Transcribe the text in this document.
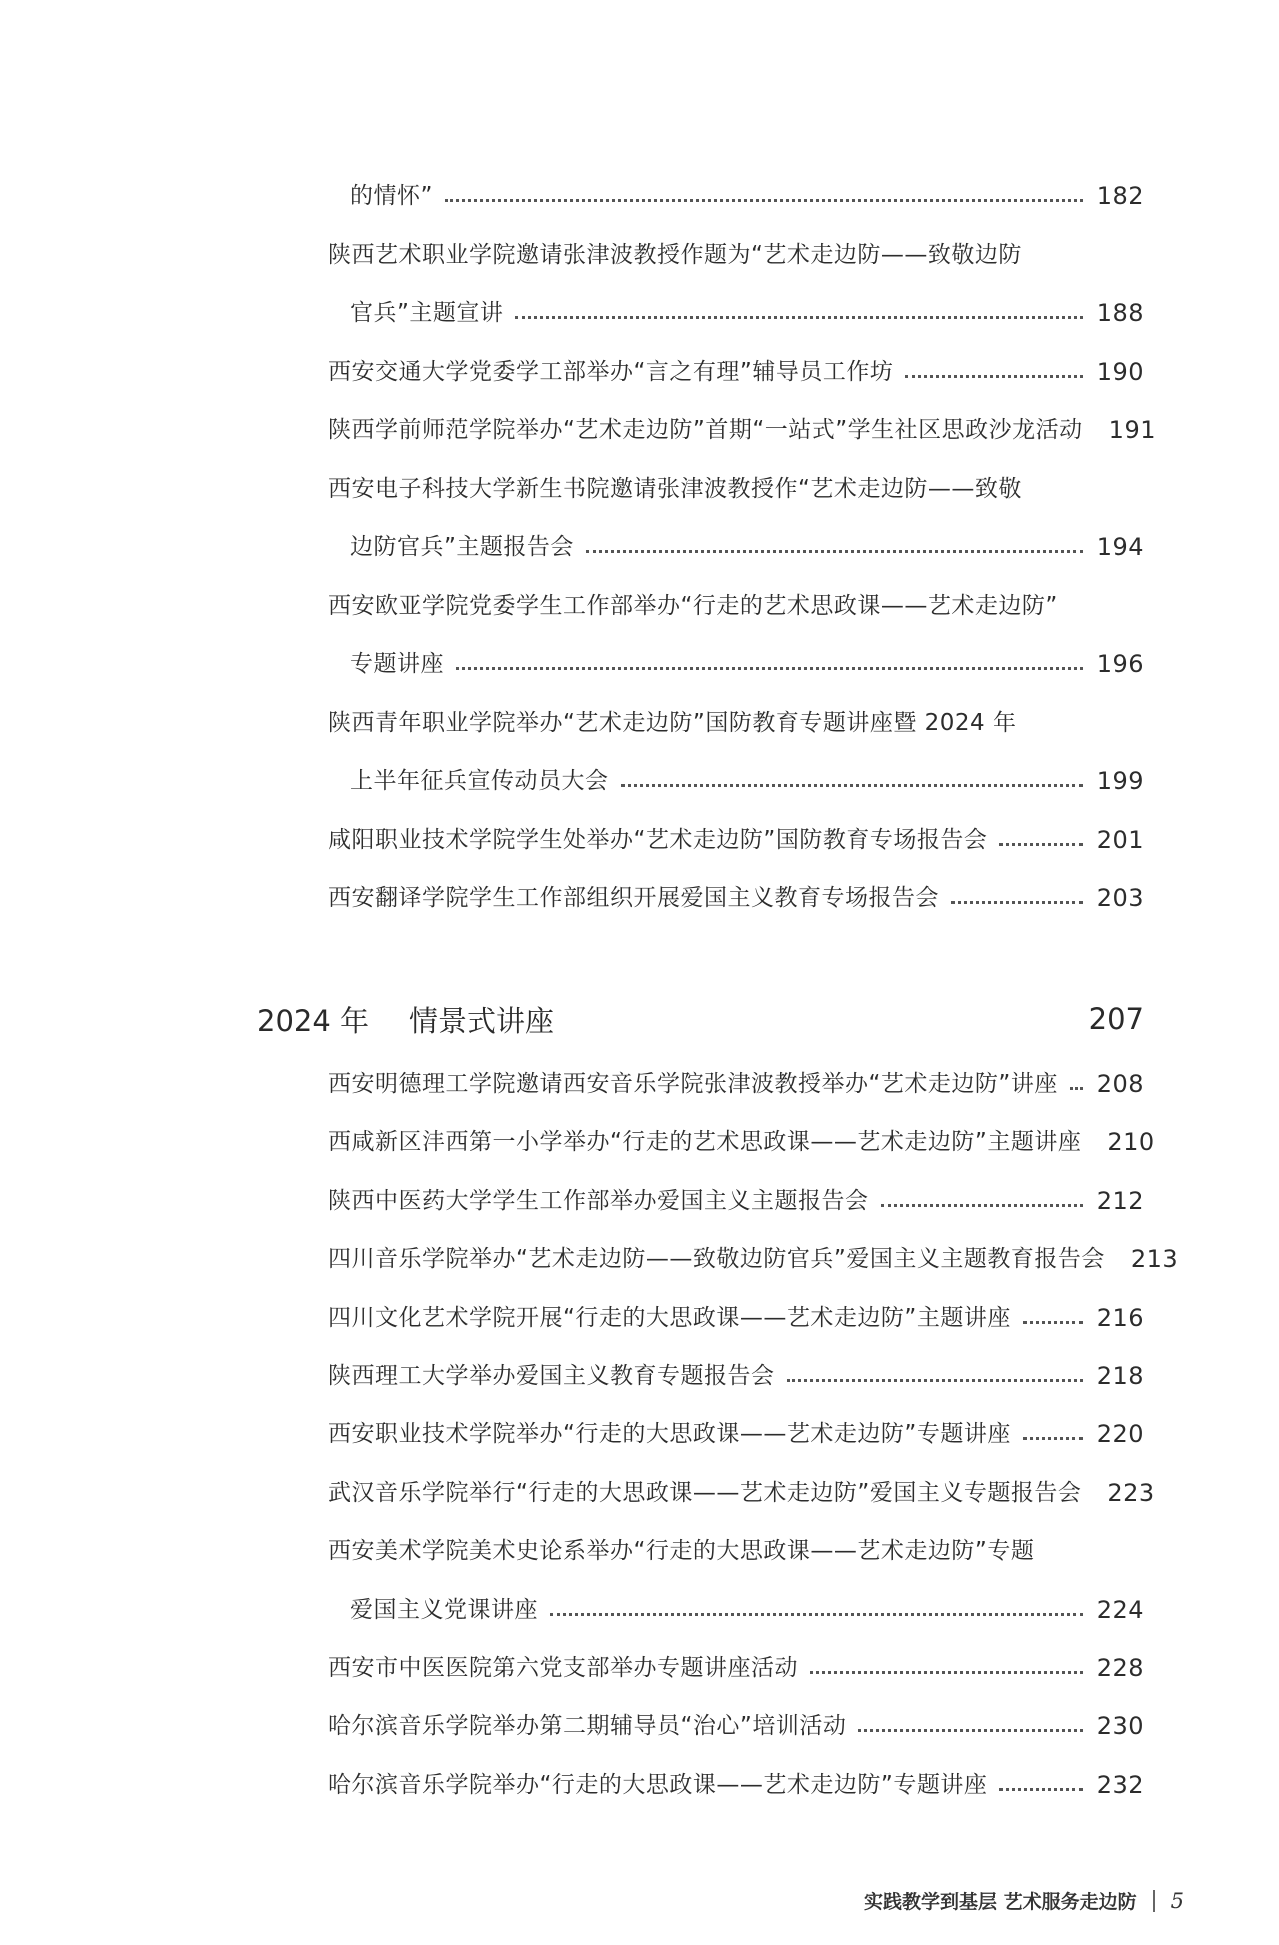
的情怀”	182
陕西艺术职业学院邀请张津波教授作题为“艺术走边防——致敬边防
官兵”主题宣讲	188
西安交通大学党委学工部举办“言之有理”辅导员工作坊	190
陕西学前师范学院举办“艺术走边防”首期“一站式”学生社区思政沙龙活动 191
西安电子科技大学新生书院邀请张津波教授作“艺术走边防——致敬
边防官兵”主题报告会	194
西安欧亚学院党委学生工作部举办“行走的艺术思政课——艺术走边防”
专题讲座	196
陕西青年职业学院举办“艺术走边防”国防教育专题讲座暨 2024 年
上半年征兵宣传动员大会	199
咸阳职业技术学院学生处举办“艺术走边防”国防教育专场报告会	201
西安翻译学院学生工作部组织开展爱国主义教育专场报告会	203
2024 年 情景式讲座	207
西安明德理工学院邀请西安音乐学院张津波教授举办“艺术走边防”讲座 208
西咸新区沣西第一小学举办“行走的艺术思政课——艺术走边防”主题讲座 210
陕西中医药大学学生工作部举办爱国主义主题报告会	212
四川音乐学院举办“艺术走边防——致敬边防官兵”爱国主义主题教育报告会 213
四川文化艺术学院开展“行走的大思政课——艺术走边防”主题讲座	216
陕西理工大学举办爱国主义教育专题报告会	218
西安职业技术学院举办“行走的大思政课——艺术走边防”专题讲座	220
武汉音乐学院举行“行走的大思政课——艺术走边防”爱国主义专题报告会 223
西安美术学院美术史论系举办“行走的大思政课——艺术走边防”专题
爱国主义党课讲座	224
西安市中医医院第六党支部举办专题讲座活动	228
哈尔滨音乐学院举办第二期辅导员“治心”培训活动	230
哈尔滨音乐学院举办“行走的大思政课——艺术走边防”专题讲座	232
实践教学到基层 艺术服务走边防 5
